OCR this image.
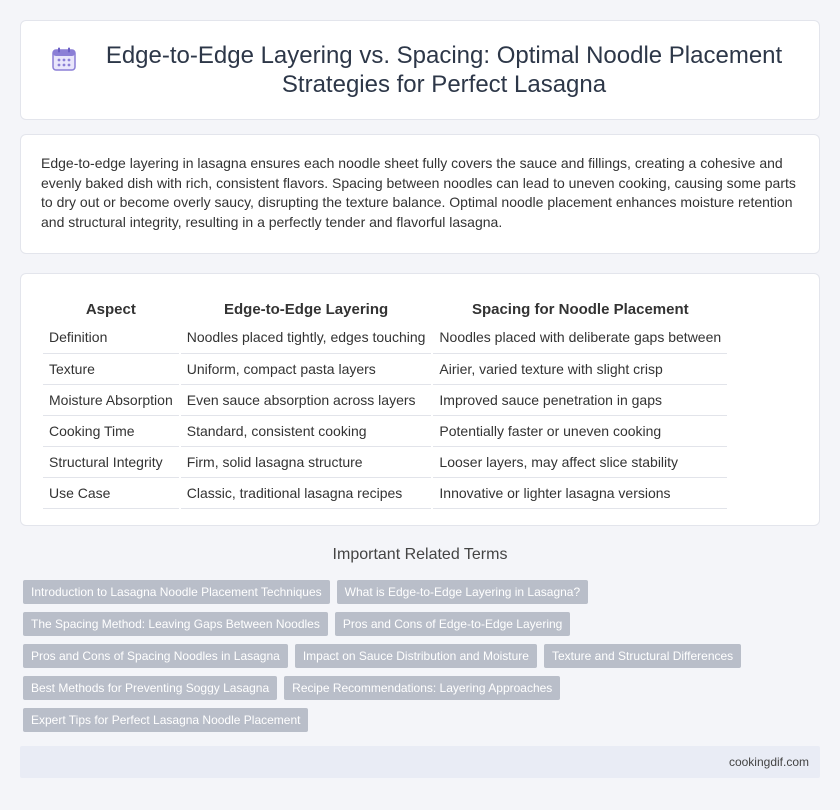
Edge-to-Edge Layering vs. Spacing: Optimal Noodle Placement Strategies for Perfect Lasagna

Edge-to-edge layering in lasagna ensures each noodle sheet fully covers the sauce and fillings, creating a cohesive and evenly baked dish with rich, consistent flavors. Spacing between noodles can lead to uneven cooking, causing some parts to dry out or become overly saucy, disrupting the texture balance. Optimal noodle placement enhances moisture retention and structural integrity, resulting in a perfectly tender and flavorful lasagna.

Aspect		Edge-to-Edge Layering		Spacing for Noodle Placement
Definition		Noodles placed tightly, edges touching		Noodles placed with deliberate gaps between
Texture		Uniform, compact pasta layers		Airier, varied texture with slight crisp
Moisture Absorption		Even sauce absorption across layers		Improved sauce penetration in gaps
Cooking Time		Standard, consistent cooking		Potentially faster or uneven cooking
Structural Integrity		Firm, solid lasagna structure		Looser layers, may affect slice stability
Use Case		Classic, traditional lasagna recipes		Innovative or lighter lasagna versions
Important Related Terms
Introduction to Lasagna Noodle Placement Techniques	What is Edge-to-Edge Layering in Lasagna?
The Spacing Method: Leaving Gaps Between Noodles	Pros and Cons of Edge-to-Edge Layering
Pros and Cons of Spacing Noodles in Lasagna	Impact on Sauce Distribution and Moisture	Texture and Structural Differences
Best Methods for Preventing Soggy Lasagna	Recipe Recommendations: Layering Approaches
Expert Tips for Perfect Lasagna Noodle Placement
cookingdif.com
